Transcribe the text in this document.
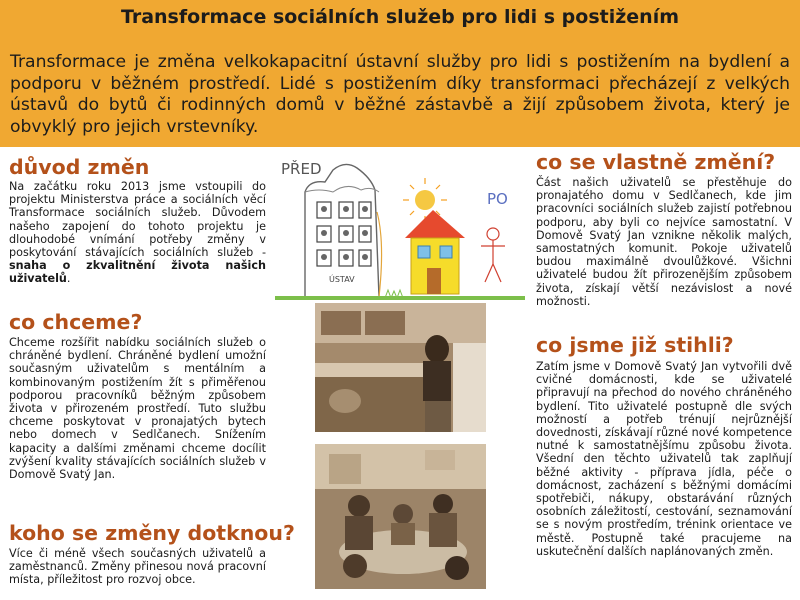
Transformace sociálních služeb pro lidi s postižením
Transformace je změna velkokapacitní ústavní služby pro lidi s postižením na bydlení a podporu v běžném prostředí. Lidé s postižením díky transformaci přecházejí z velkých ústavů do bytů či rodinných domů v běžné zástavbě a žijí způsobem života, který je obvyklý pro jejich vrstevníky.
důvod změn
Na začátku roku 2013 jsme vstoupili do projektu Ministerstva práce a sociálních věcí Transformace sociálních služeb. Důvodem našeho zapojení do tohoto projektu je dlouhodobé vnímání potřeby změny v poskytování stávajících sociálních služeb - snaha o zkvalitnění života našich uživatelů.
co chceme?
Chceme rozšířit nabídku sociálních služeb o chráněné bydlení. Chráněné bydlení umožní současným uživatelům s mentálním a kombinovaným postižením žít s přiměřenou podporou pracovníků běžným způsobem života v přirozeném prostředí. Tuto službu chceme poskytovat v pronajatých bytech nebo domech v Sedlčanech. Snížením kapacity a dalšími změnami chceme docílit zvýšení kvality stávajících sociálních služeb v Domově Svatý Jan.
koho se změny dotknou?
Více či méně všech současných uživatelů a zaměstnanců. Změny přinesou nová pracovní místa, příležitost pro rozvoj obce.
PŘED
PO
ÚSTAV
co se vlastně změní?
Část našich uživatelů se přestěhuje do pronajatého domu v Sedlčanech, kde jim pracovníci sociálních služeb zajistí potřebnou podporu, aby byli co nejvíce samostatní. V Domově Svatý Jan vznikne několik malých, samostatných komunit. Pokoje uživatelů budou maximálně dvoulůžkové. Všichni uživatelé budou žít přirozenějším způsobem života, získají větší nezávislost a nové možnosti.
co jsme již stihli?
Zatím jsme v Domově Svatý Jan vytvořili dvě cvičné domácnosti, kde se uživatelé připravují na přechod do nového chráněného bydlení. Tito uživatelé postupně dle svých možností a potřeb trénují nejrůznější dovednosti, získávají různé nové kompetence nutné k samostatnějšímu způsobu života. Všední den těchto uživatelů tak zaplňují běžné aktivity - příprava jídla, péče o domácnost, zacházení s běžnými domácími spotřebiči, nákupy, obstarávání různých osobních záležitostí, cestování, seznamování se s novým prostředím, trénink orientace ve městě. Postupně také pracujeme na uskutečnění dalších naplánovaných změn.
